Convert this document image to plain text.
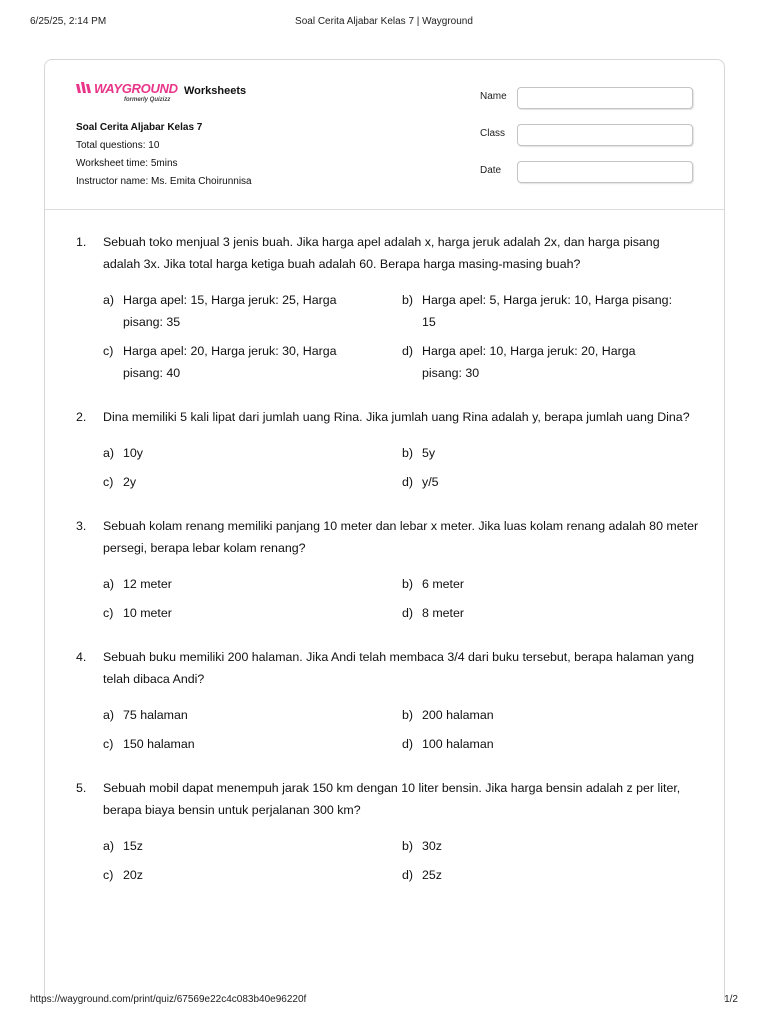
6/25/25, 2:14 PM	Soal Cerita Aljabar Kelas 7 | Wayground
WAYGROUND
formerly Quizizz
Worksheets
Soal Cerita Aljabar Kelas 7
Total questions: 10
Worksheet time: 5mins
Instructor name: Ms. Emita Choirunnisa
Name
Class
Date
1. Sebuah toko menjual 3 jenis buah. Jika harga apel adalah x, harga jeruk adalah 2x, dan harga pisang adalah 3x. Jika total harga ketiga buah adalah 60. Berapa harga masing-masing buah?
a) Harga apel: 15, Harga jeruk: 25, Harga pisang: 35
b) Harga apel: 5, Harga jeruk: 10, Harga pisang: 15
c) Harga apel: 20, Harga jeruk: 30, Harga pisang: 40
d) Harga apel: 10, Harga jeruk: 20, Harga pisang: 30
2. Dina memiliki 5 kali lipat dari jumlah uang Rina. Jika jumlah uang Rina adalah y, berapa jumlah uang Dina?
a) 10y	b) 5y
c) 2y	d) y/5
3. Sebuah kolam renang memiliki panjang 10 meter dan lebar x meter. Jika luas kolam renang adalah 80 meter persegi, berapa lebar kolam renang?
a) 12 meter	b) 6 meter
c) 10 meter	d) 8 meter
4. Sebuah buku memiliki 200 halaman. Jika Andi telah membaca 3/4 dari buku tersebut, berapa halaman yang telah dibaca Andi?
a) 75 halaman	b) 200 halaman
c) 150 halaman	d) 100 halaman
5. Sebuah mobil dapat menempuh jarak 150 km dengan 10 liter bensin. Jika harga bensin adalah z per liter, berapa biaya bensin untuk perjalanan 300 km?
a) 15z	b) 30z
c) 20z	d) 25z
https://wayground.com/print/quiz/67569e22c4c083b40e96220f	1/2
